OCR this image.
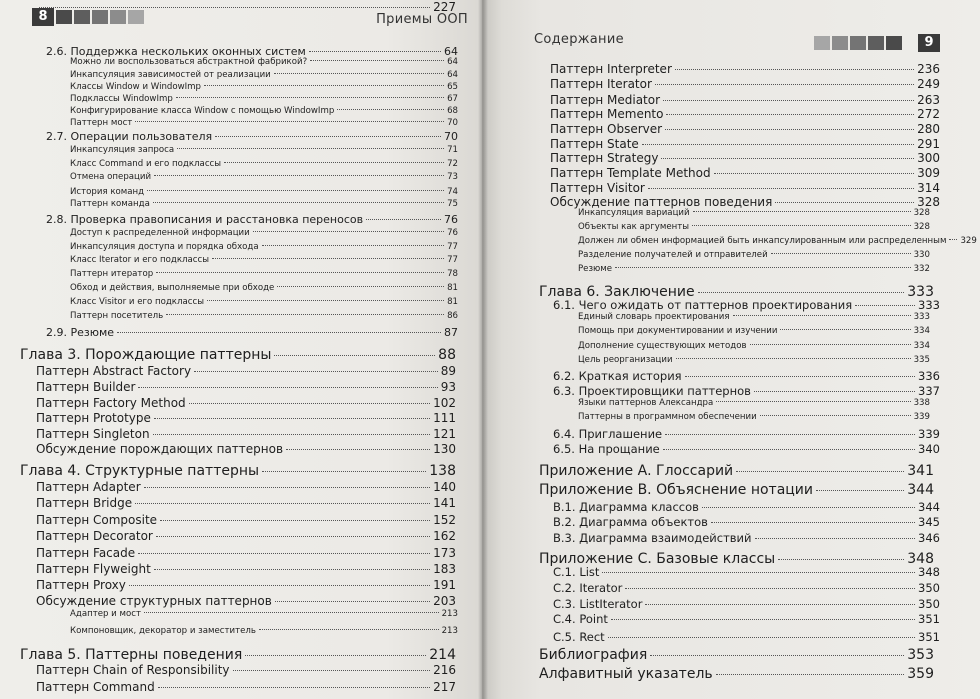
8	Приемы ООП
2.6. Поддержка нескольких оконных систем	64
Можно ли воспользоваться абстрактной фабрикой?	64
Инкапсуляция зависимостей от реализации	64
Классы Window и WindowImp	65
Подклассы WindowImp	67
Конфигурирование класса Window с помощью WindowImp	68
Паттерн мост	70
2.7. Операции пользователя	70
Инкапсуляция запроса	71
Класс Command и его подклассы	72
Отмена операций	73
История команд	74
Паттерн команда	75
2.8. Проверка правописания и расстановка переносов	76
Доступ к распределенной информации	76
Инкапсуляция доступа и порядка обхода	77
Класс Iterator и его подклассы	77
Паттерн итератор	78
Обход и действия, выполняемые при обходе	81
Класс Visitor и его подклассы	81
Паттерн посетитель	86
2.9. Резюме	87
Глава 3. Порождающие паттерны	88
Паттерн Abstract Factory	89
Паттерн Builder	93
Паттерн Factory Method	102
Паттерн Prototype	111
Паттерн Singleton	121
Обсуждение порождающих паттернов	130
Глава 4. Структурные паттерны	138
Паттерн Adapter	140
Паттерн Bridge	141
Паттерн Composite	152
Паттерн Decorator	162
Паттерн Facade	173
Паттерн Flyweight	183
Паттерн Proxy	191
Обсуждение структурных паттернов	203
Адаптер и мост	213
Компоновщик, декоратор и заместитель	213
Глава 5. Паттерны поведения	214
Паттерн Chain of Responsibility	216
Паттерн Command	217
227
Содержание	9
Паттерн Interpreter	236
Паттерн Iterator	249
Паттерн Mediator	263
Паттерн Memento	272
Паттерн Observer	280
Паттерн State	291
Паттерн Strategy	300
Паттерн Template Method	309
Паттерн Visitor	314
Обсуждение паттернов поведения	328
Инкапсуляция вариаций	328
Объекты как аргументы	328
Должен ли обмен информацией быть инкапсулированным или распределенным 329
Разделение получателей и отправителей	330
Резюме	332
Глава 6. Заключение	333
6.1. Чего ожидать от паттернов проектирования	333
Единый словарь проектирования	333
Помощь при документировании и изучении	334
Дополнение существующих методов	334
Цель реорганизации	335
6.2. Краткая история	336
6.3. Проектировщики паттернов	337
Языки паттернов Александра	338
Паттерны в программном обеспечении	339
6.4. Приглашение	339
6.5. На прощание	340
Приложение А. Глоссарий	341
Приложение В. Объяснение нотации	344
В.1. Диаграмма классов	344
В.2. Диаграмма объектов	345
В.3. Диаграмма взаимодействий	346
Приложение С. Базовые классы	348
С.1. List	348
С.2. Iterator	350
С.3. ListIterator	350
С.4. Point	351
С.5. Rect	351
Библиография	353
Алфавитный указатель	359
